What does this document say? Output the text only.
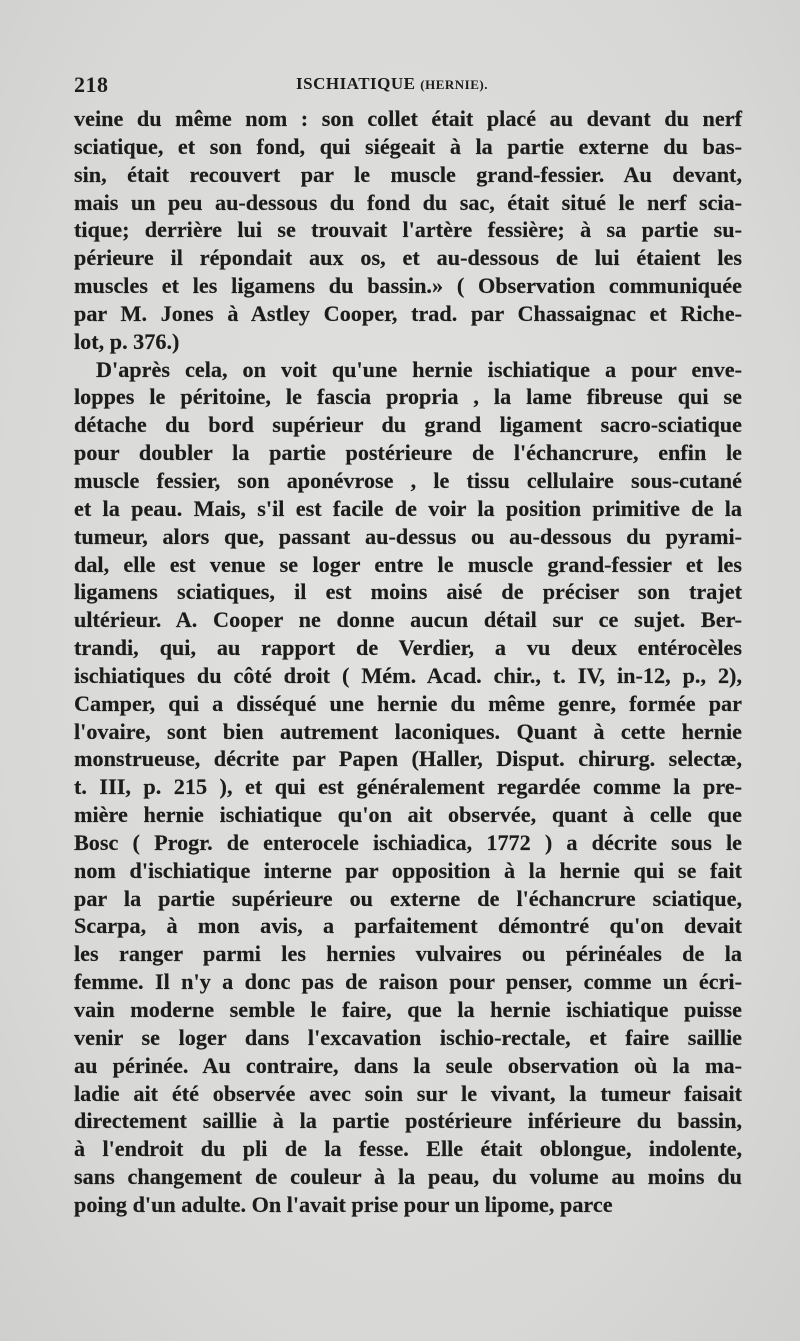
218	ISCHIATIQUE (HERNIE).
veine du même nom : son collet était placé au devant du nerf
sciatique, et son fond, qui siégeait à la partie externe du bas-
sin, était recouvert par le muscle grand-fessier. Au devant,
mais un peu au-dessous du fond du sac, était situé le nerf scia-
tique; derrière lui se trouvait l'artère fessière; à sa partie su-
périeure il répondait aux os, et au-dessous de lui étaient les
muscles et les ligamens du bassin.» ( Observation communiquée
par M. Jones à Astley Cooper, trad. par Chassaignac et Riche-
lot, p. 376.)
D'après cela, on voit qu'une hernie ischiatique a pour enve-
loppes le péritoine, le fascia propria , la lame fibreuse qui se
détache du bord supérieur du grand ligament sacro-sciatique
pour doubler la partie postérieure de l'échancrure, enfin le
muscle fessier, son aponévrose , le tissu cellulaire sous-cutané
et la peau. Mais, s'il est facile de voir la position primitive de la
tumeur, alors que, passant au-dessus ou au-dessous du pyrami-
dal, elle est venue se loger entre le muscle grand-fessier et les
ligamens sciatiques, il est moins aisé de préciser son trajet
ultérieur. A. Cooper ne donne aucun détail sur ce sujet. Ber-
trandi, qui, au rapport de Verdier, a vu deux entérocèles
ischiatiques du côté droit ( Mém. Acad. chir., t. IV, in-12, p., 2),
Camper, qui a disséqué une hernie du même genre, formée par
l'ovaire, sont bien autrement laconiques. Quant à cette hernie
monstrueuse, décrite par Papen (Haller, Disput. chirurg. selectæ,
t. III, p. 215 ), et qui est généralement regardée comme la pre-
mière hernie ischiatique qu'on ait observée, quant à celle que
Bosc ( Progr. de enterocele ischiadica, 1772 ) a décrite sous le
nom d'ischiatique interne par opposition à la hernie qui se fait
par la partie supérieure ou externe de l'échancrure sciatique,
Scarpa, à mon avis, a parfaitement démontré qu'on devait
les ranger parmi les hernies vulvaires ou périnéales de la
femme. Il n'y a donc pas de raison pour penser, comme un écri-
vain moderne semble le faire, que la hernie ischiatique puisse
venir se loger dans l'excavation ischio-rectale, et faire saillie
au périnée. Au contraire, dans la seule observation où la ma-
ladie ait été observée avec soin sur le vivant, la tumeur faisait
directement saillie à la partie postérieure inférieure du bassin,
à l'endroit du pli de la fesse. Elle était oblongue, indolente,
sans changement de couleur à la peau, du volume au moins du
poing d'un adulte. On l'avait prise pour un lipome, parce
